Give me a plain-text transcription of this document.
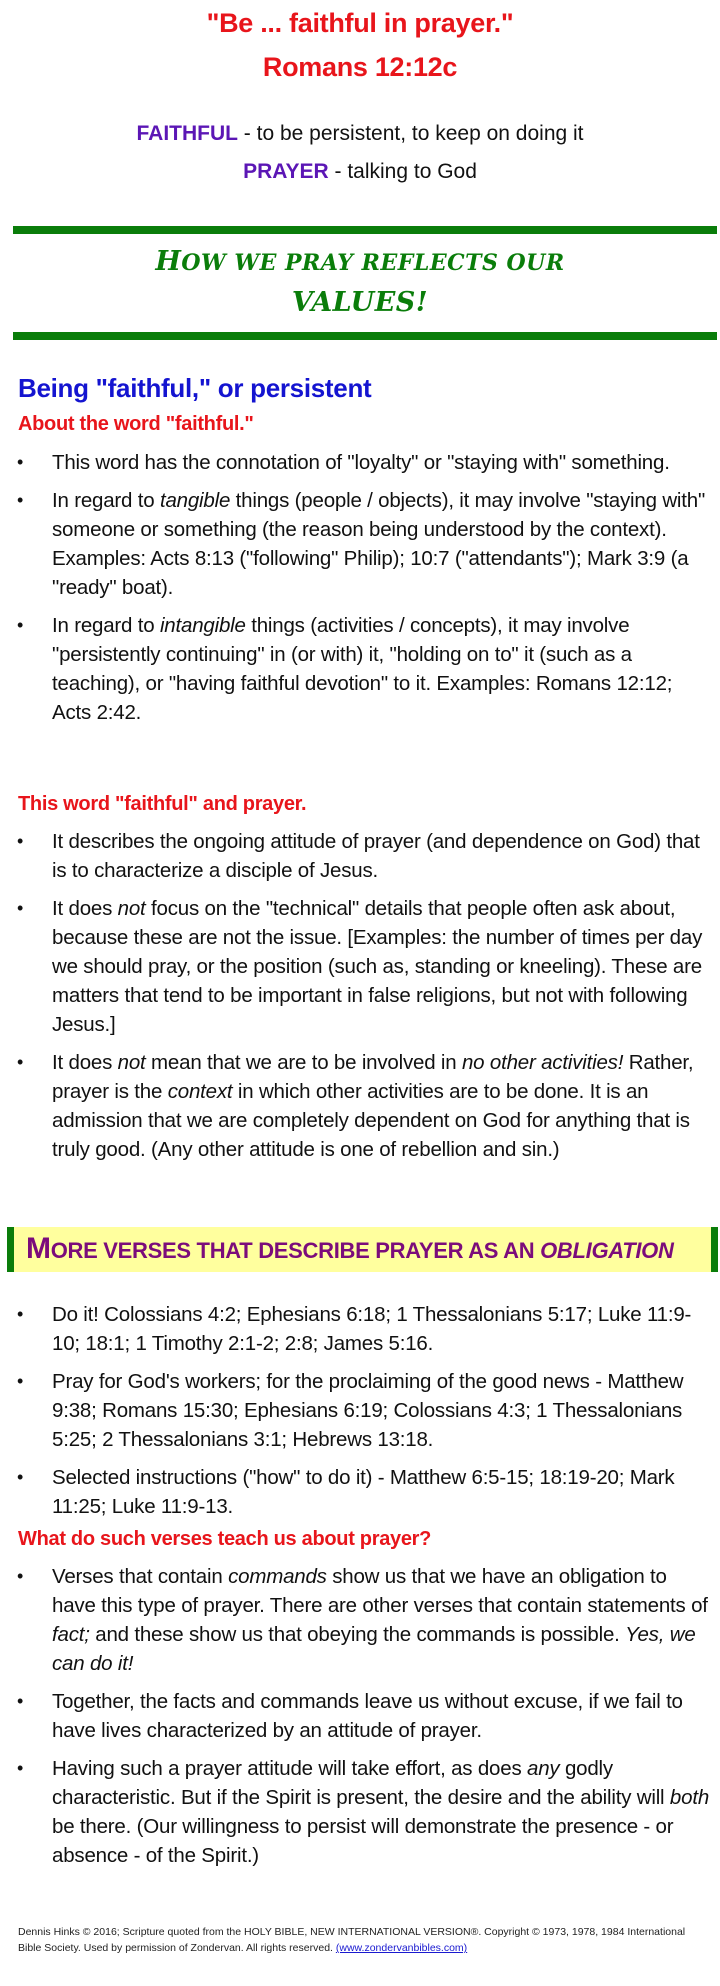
"Be ... faithful in prayer."
Romans 12:12c
FAITHFUL - to be persistent, to keep on doing it
PRAYER - talking to God
HOW WE PRAY REFLECTS OUR
VALUES!
Being "faithful," or persistent
About the word "faithful."
• This word has the connotation of "loyalty" or "staying with" something.
• In regard to tangible things (people / objects), it may involve "staying with" someone or something (the reason being understood by the context). Examples: Acts 8:13 ("following" Philip); 10:7 ("attendants"); Mark 3:9 (a "ready" boat).
• In regard to intangible things (activities / concepts), it may involve "persistently continuing" in (or with) it, "holding on to" it (such as a teaching), or "having faithful devotion" to it. Examples: Romans 12:12; Acts 2:42.
This word "faithful" and prayer.
• It describes the ongoing attitude of prayer (and dependence on God) that is to characterize a disciple of Jesus.
• It does not focus on the "technical" details that people often ask about, because these are not the issue. [Examples: the number of times per day we should pray, or the position (such as, standing or kneeling). These are matters that tend to be important in false religions, but not with following Jesus.]
• It does not mean that we are to be involved in no other activities! Rather, prayer is the context in which other activities are to be done. It is an admission that we are completely dependent on God for anything that is truly good. (Any other attitude is one of rebellion and sin.)
MORE VERSES THAT DESCRIBE PRAYER AS AN OBLIGATION
• Do it! Colossians 4:2; Ephesians 6:18; 1 Thessalonians 5:17; Luke 11:9-10; 18:1; 1 Timothy 2:1-2; 2:8; James 5:16.
• Pray for God's workers; for the proclaiming of the good news - Matthew 9:38; Romans 15:30; Ephesians 6:19; Colossians 4:3; 1 Thessalonians 5:25; 2 Thessalonians 3:1; Hebrews 13:18.
• Selected instructions ("how" to do it) - Matthew 6:5-15; 18:19-20; Mark 11:25; Luke 11:9-13.
What do such verses teach us about prayer?
• Verses that contain commands show us that we have an obligation to have this type of prayer. There are other verses that contain statements of fact; and these show us that obeying the commands is possible. Yes, we can do it!
• Together, the facts and commands leave us without excuse, if we fail to have lives characterized by an attitude of prayer.
• Having such a prayer attitude will take effort, as does any godly characteristic. But if the Spirit is present, the desire and the ability will both be there. (Our willingness to persist will demonstrate the presence - or absence - of the Spirit.)
Dennis Hinks © 2016; Scripture quoted from the HOLY BIBLE, NEW INTERNATIONAL VERSION®. Copyright © 1973, 1978, 1984 International Bible Society. Used by permission of Zondervan. All rights reserved. (www.zondervanbibles.com)
